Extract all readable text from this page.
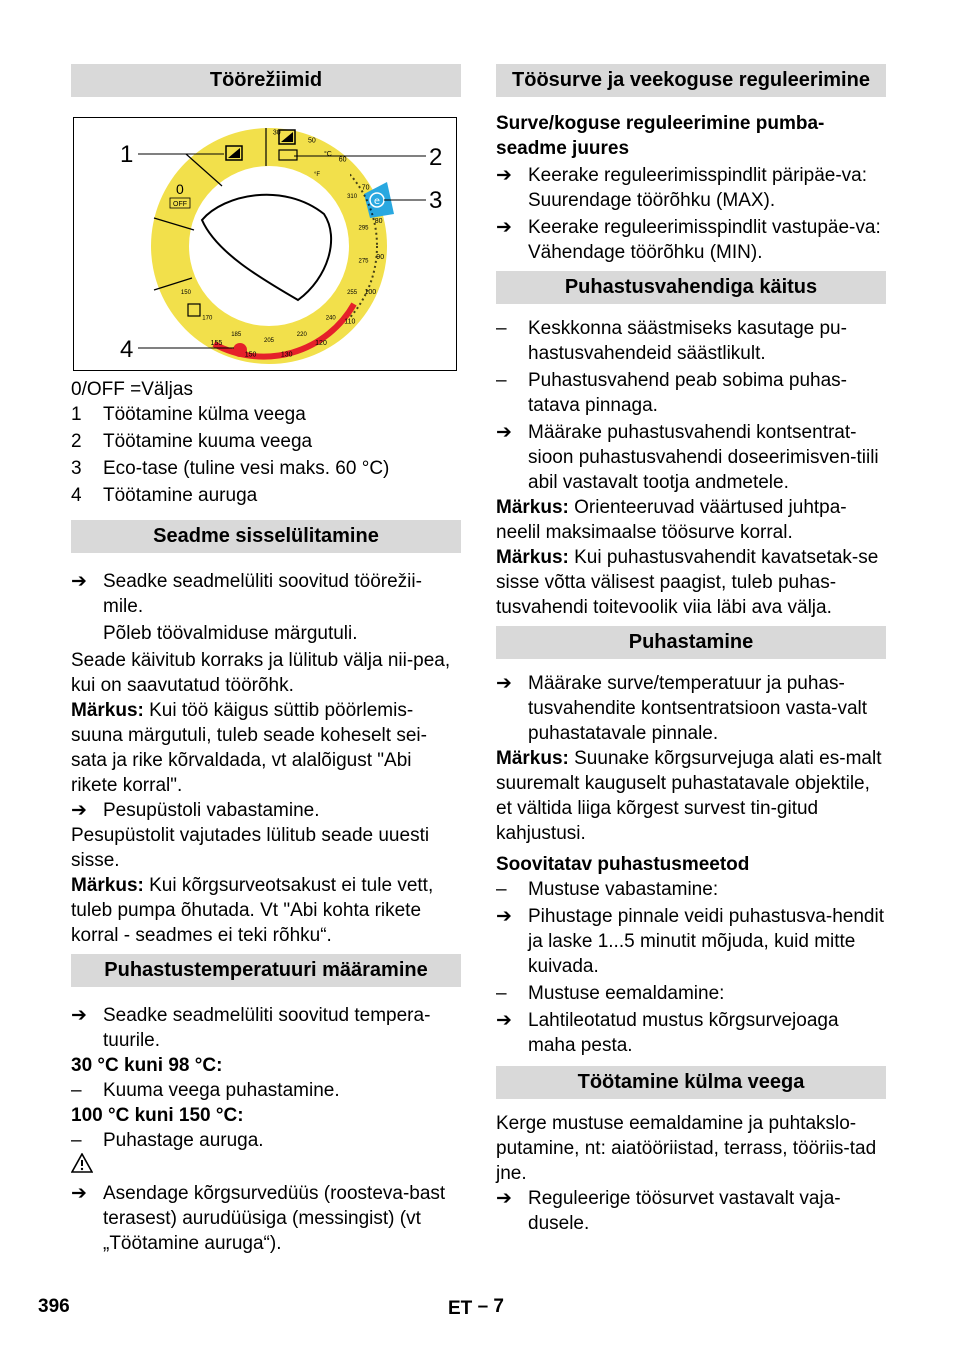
Töörežiimid
e
0
OFF
30
50
60
70
80
90
100
110
120
130
150
155
310
295
275
255
240
220
205
185
170
150
°C
°F
1	2
3
4
0/OFF = Väljas
1	Töötamine külma veega
2	Töötamine kuuma veega
3	Eco-tase (tuline vesi maks. 60 °C)
4	Töötamine auruga
Seadme sisselülitamine
➔ Seadke seadmelüliti soovitud töörežii-mile.
Põleb töövalmiduse märgutuli.
Seade käivitub korraks ja lülitub välja nii-pea, kui on saavutatud töörõhk.
Märkus: Kui töö käigus süttib pöörlemis-suuna märgutuli, tuleb seade koheselt sei-sata ja rike kõrvaldada, vt alalõigust "Abi rikete korral".
➔ Pesupüstoli vabastamine.
Pesupüstolit vajutades lülitub seade uuesti sisse.
Märkus: Kui kõrgsurveotsakust ei tule vett, tuleb pumpa õhutada. Vt "Abi kohta rikete korral - seadmes ei teki rõhku“.
Puhastustemperatuuri määramine
➔ Seadke seadmelüliti soovitud tempera-tuurile.
30 °C kuni 98 °C:
–	Kuuma veega puhastamine.
100 °C kuni 150 °C:
–	Puhastage auruga.
➔ Asendage kõrgsurvedüüs (roosteva-bast terasest) aurudüüsiga (messingist) (vt „Töötamine auruga“).
Töösurve ja veekoguse reguleerimine
Surve/koguse reguleerimine pumba-seadme juures
➔ Keerake reguleerimisspindlit päripäe-va: Suurendage töörõhku (MAX).
➔ Keerake reguleerimisspindlit vastupäe-va: Vähendage töörõhku (MIN).
Puhastusvahendiga käitus
–	Keskkonna säästmiseks kasutage pu-hastusvahendeid säästlikult.
–	Puhastusvahend peab sobima puhas-tatava pinnaga.
➔ Määrake puhastusvahendi kontsentrat-sioon puhastusvahendi doseerimisven-tiili abil vastavalt tootja andmetele.
Märkus: Orienteeruvad väärtused juhtpa-neelil maksimaalse töösurve korral.
Märkus: Kui puhastusvahendit kavatsetak-se sisse võtta välisest paagist, tuleb puhas-tusvahendi toitevoolik viia läbi ava välja.
Puhastamine
➔ Määrake surve/temperatuur ja puhas-tusvahendite kontsentratsioon vasta-valt puhastatavale pinnale.
Märkus: Suunake kõrgsurvejuga alati es-malt suuremalt kauguselt puhastatavale objektile, et vältida liiga kõrgest survest tin-gitud kahjustusi.
Soovitatav puhastusmeetod
–	Mustuse vabastamine:
➔ Pihustage pinnale veidi puhastusva-hendit ja laske 1...5 minutit mõjuda, kuid mitte kuivada.
–	Mustuse eemaldamine:
➔ Lahtileotatud mustus kõrgsurvejoaga maha pesta.
Töötamine külma veega
Kerge mustuse eemaldamine ja puhtakslo-putamine, nt: aiatööriistad, terrass, tööriis-tad jne.
➔ Reguleerige töösurvet vastavalt vaja-dusele.
396	ET – 7
